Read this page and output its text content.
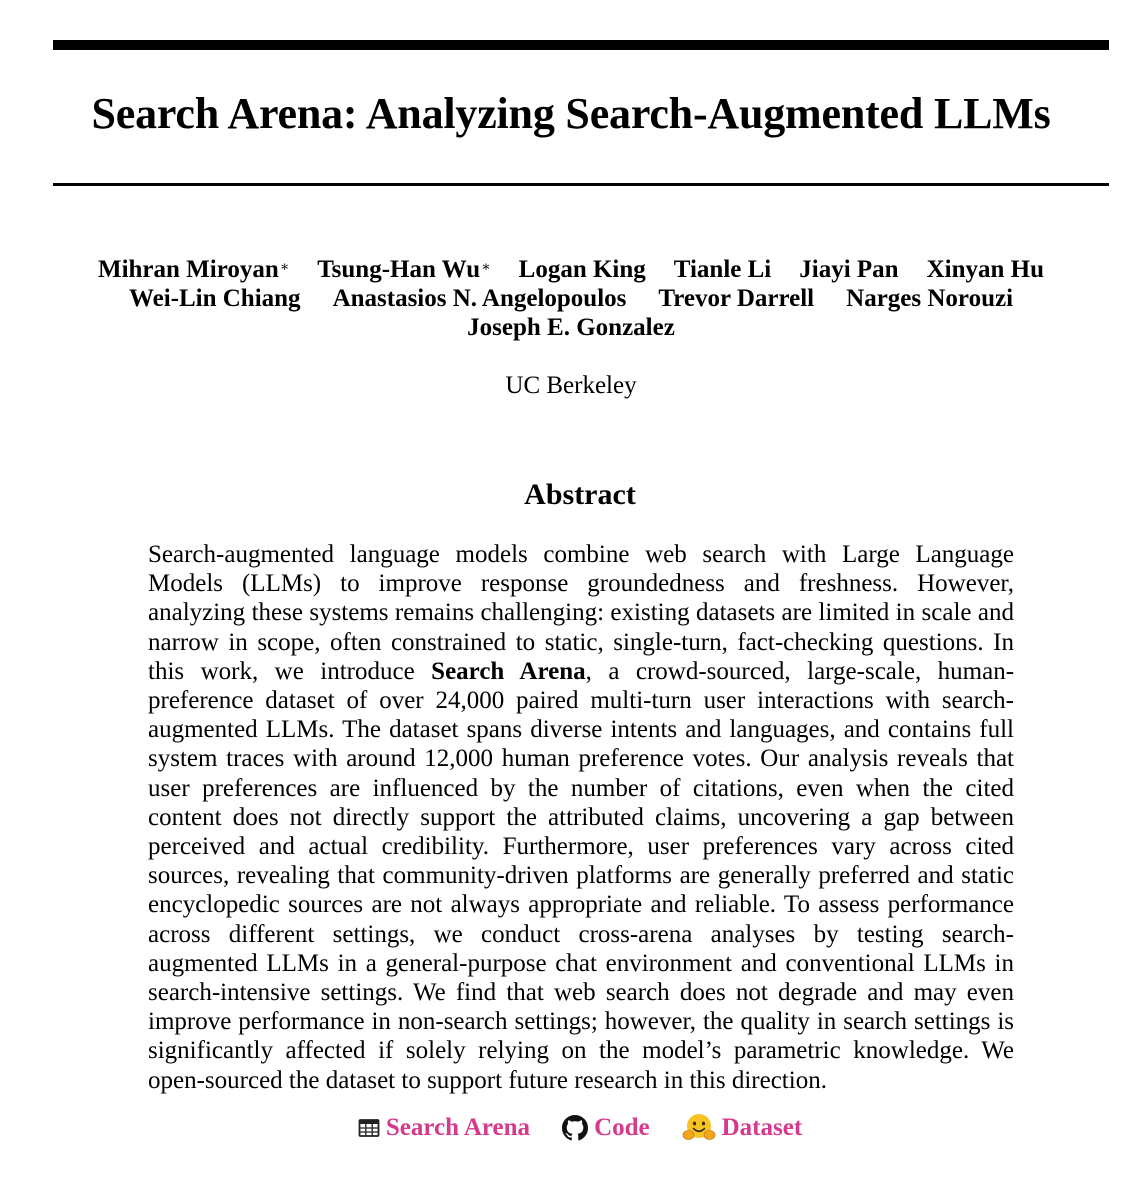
Search Arena: Analyzing Search-Augmented LLMs
Mihran Miroyan∗ Tsung-Han Wu∗ Logan King Tianle Li Jiayi Pan Xinyan Hu
Wei-Lin Chiang Anastasios N. Angelopoulos Trevor Darrell Narges Norouzi
Joseph E. Gonzalez
UC Berkeley
Abstract

Search-augmented language models combine web search with Large Language Models (LLMs) to improve response groundedness and freshness. However, analyzing these systems remains challenging: existing datasets are limited in scale and narrow in scope, often constrained to static, single-turn, fact-checking questions. In this work, we introduce Search Arena, a crowd-sourced, large-scale, human-preference dataset of over 24,000 paired multi-turn user interactions with search-augmented LLMs. The dataset spans diverse intents and languages, and contains full system traces with around 12,000 human preference votes. Our analysis reveals that user preferences are influenced by the number of citations, even when the cited content does not directly support the attributed claims, uncovering a gap between perceived and actual credibility. Furthermore, user preferences vary across cited sources, revealing that community-driven platforms are generally preferred and static encyclopedic sources are not always appropriate and reliable. To assess performance across different settings, we conduct cross-arena analyses by testing search-augmented LLMs in a general-purpose chat environment and conventional LLMs in search-intensive settings. We find that web search does not degrade and may even improve performance in non-search settings; however, the quality in search settings is significantly affected if solely relying on the model’s parametric knowledge. We open-sourced the dataset to support future research in this direction.

Search Arena	Code	Dataset
